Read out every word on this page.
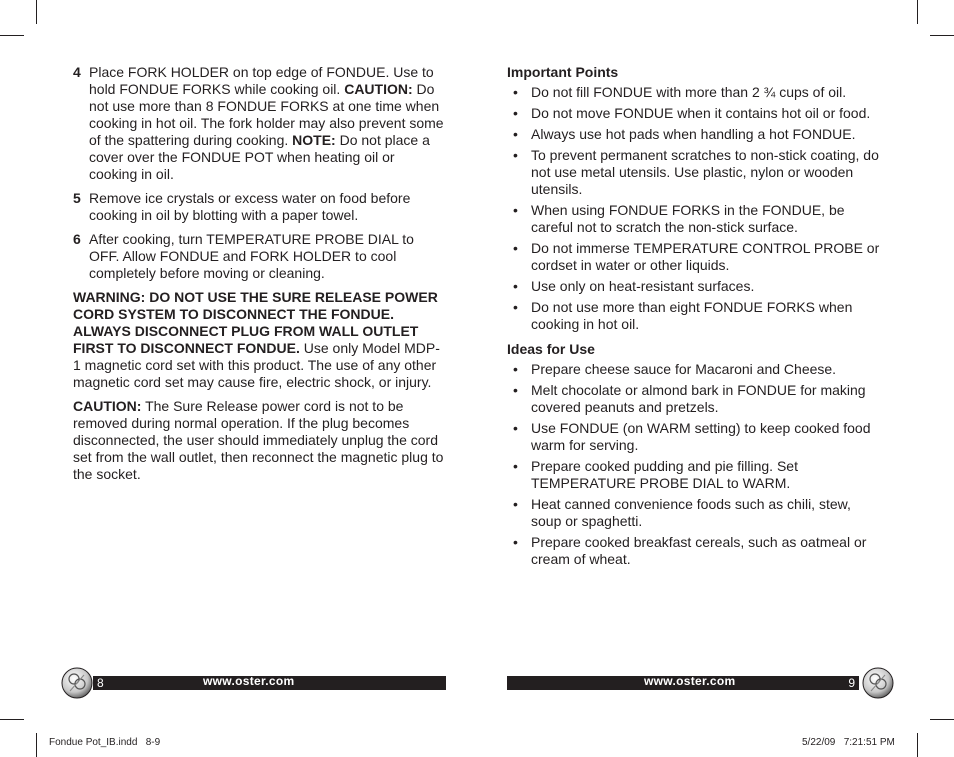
4 Place FORK HOLDER on top edge of FONDUE. Use to hold FONDUE FORKS while cooking oil. CAUTION: Do not use more than 8 FONDUE FORKS at one time when cooking in hot oil. The fork holder may also prevent some of the spattering during cooking. NOTE: Do not place a cover over the FONDUE POT when heating oil or cooking in oil.
5 Remove ice crystals or excess water on food before cooking in oil by blotting with a paper towel.
6 After cooking, turn TEMPERATURE PROBE DIAL to OFF. Allow FONDUE and FORK HOLDER to cool completely before moving or cleaning.

WARNING: DO NOT USE THE SURE RELEASE POWER CORD SYSTEM TO DISCONNECT THE FONDUE. ALWAYS DISCONNECT PLUG FROM WALL OUTLET FIRST TO DISCONNECT FONDUE. Use only Model MDP-1 magnetic cord set with this product. The use of any other magnetic cord set may cause fire, electric shock, or injury.

CAUTION: The Sure Release power cord is not to be removed during normal operation. If the plug becomes disconnected, the user should immediately unplug the cord set from the wall outlet, then reconnect the magnetic plug to the socket.

Important Points
• Do not fill FONDUE with more than 2 ¾ cups of oil.
• Do not move FONDUE when it contains hot oil or food.
• Always use hot pads when handling a hot FONDUE.
• To prevent permanent scratches to non-stick coating, do not use metal utensils. Use plastic, nylon or wooden utensils.
• When using FONDUE FORKS in the FONDUE, be careful not to scratch the non-stick surface.
• Do not immerse TEMPERATURE CONTROL PROBE or cordset in water or other liquids.
• Use only on heat-resistant surfaces.
• Do not use more than eight FONDUE FORKS when cooking in hot oil.
Ideas for Use
• Prepare cheese sauce for Macaroni and Cheese.
• Melt chocolate or almond bark in FONDUE for making covered peanuts and pretzels.
• Use FONDUE (on WARM setting) to keep cooked food warm for serving.
• Prepare cooked pudding and pie filling. Set TEMPERATURE PROBE DIAL to WARM.
• Heat canned convenience foods such as chili, stew, soup or spaghetti.
• Prepare cooked breakfast cereals, such as oatmeal or cream of wheat.
8	www.oster.com	www.oster.com	9
Fondue Pot_IB.indd   8-9	5/22/09   7:21:51 PM
